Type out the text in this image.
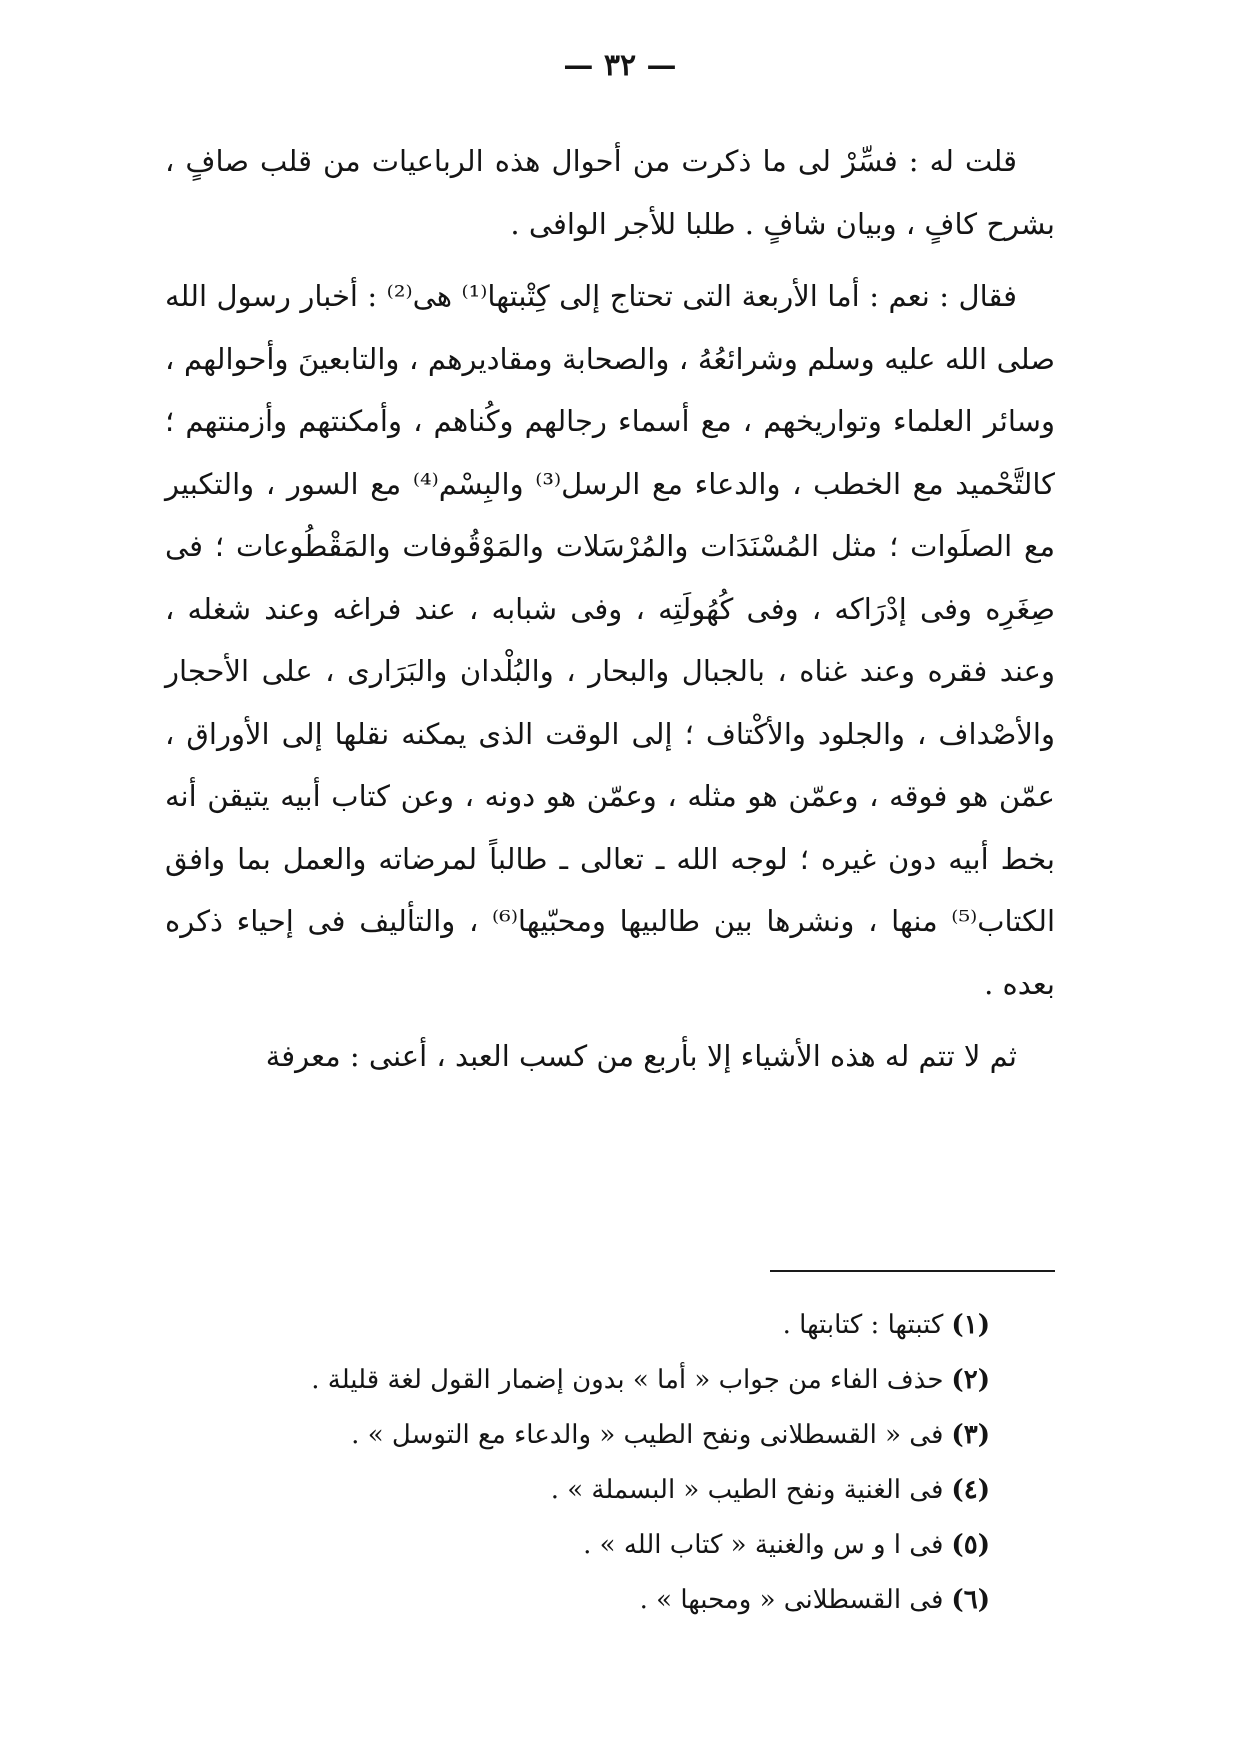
— ٣٢ —

قلت له : فسِّرْ لى ما ذكرت من أحوال هذه الرباعيات من قلب صافٍ ، بشرح كافٍ ، وبيان شافٍ . طلبا للأجر الوافى .

فقال : نعم : أما الأربعة التى تحتاج إلى كِتْبتها⁽¹⁾ هى⁽²⁾ : أخبار رسول الله صلى الله عليه وسلم وشرائعُهُ ، والصحابة ومقاديرهم ، والتابعينَ وأحوالهم ، وسائر العلماء وتواريخهم ، مع أسماء رجالهم وكُناهم ، وأمكنتهم وأزمنتهم ؛ كالتَّحْميد مع الخطب ، والدعاء مع الرسل⁽³⁾ والبِسْم⁽⁴⁾ مع السور ، والتكبير مع الصلَوات ؛ مثل المُسْنَدَات والمُرْسَلات والمَوْقُوفات والمَقْطُوعات ؛ فى صِغَرِه وفى إدْرَاكه ، وفى كُهُولَتِه ، وفى شبابه ، عند فراغه وعند شغله ، وعند فقره وعند غناه ، بالجبال والبحار ، والبُلْدان والبَرَارى ، على الأحجار والأصْداف ، والجلود والأكْتاف ؛ إلى الوقت الذى يمكنه نقلها إلى الأوراق ، عمّن هو فوقه ، وعمّن هو مثله ، وعمّن هو دونه ، وعن كتاب أبيه يتيقن أنه بخط أبيه دون غيره ؛ لوجه الله ـ تعالى ـ طالباً لمرضاته والعمل بما وافق الكتاب⁽⁵⁾ منها ، ونشرها بين طالبيها ومحبّيها⁽⁶⁾ ، والتأليف فى إحياء ذكره بعده .

ثم لا تتم له هذه الأشياء إلا بأربع من كسب العبد ، أعنى : معرفة

(١)كتبتها : كتابتها .
(٢)حذف الفاء من جواب « أما » بدون إضمار القول لغة قليلة .
(٣)فى « القسطلانى ونفح الطيب « والدعاء مع التوسل » .
(٤)فى الغنية ونفح الطيب « البسملة » .
(٥)فى ا و س والغنية « كتاب الله » .
(٦)فى القسطلانى « ومحبها » .
